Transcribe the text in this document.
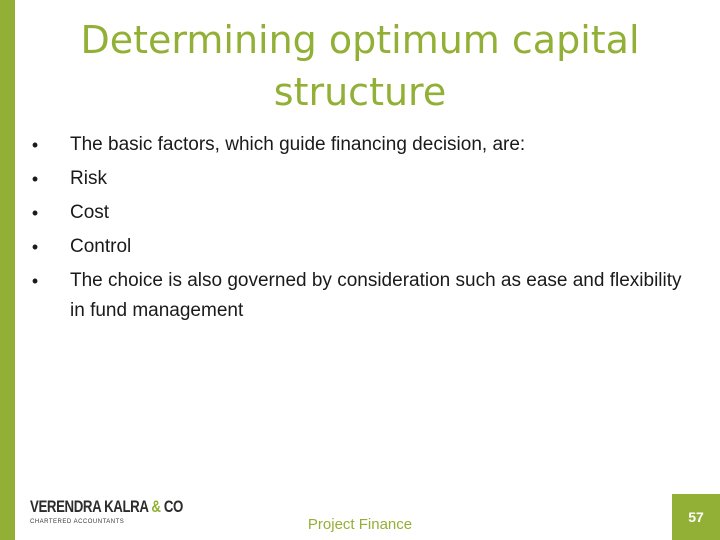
Determining optimum capital structure
• The basic factors, which guide financing decision, are:
• Risk
• Cost
• Control
• The choice is also governed by consideration such as ease and flexibility in fund management
VERENDRA KALRA & CO
CHARTERED ACCOUNTANTS	Project Finance	57
